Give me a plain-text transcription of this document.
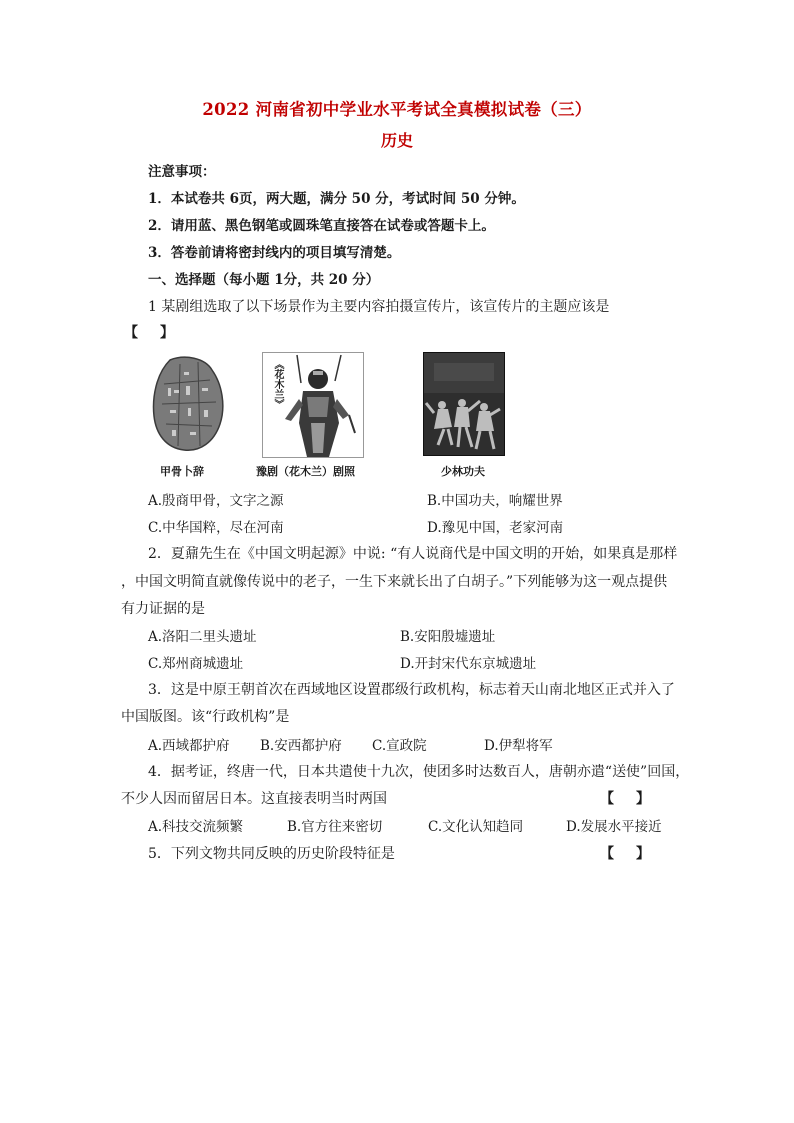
2022 河南省初中学业水平考试全真模拟试卷（三）
历史
注意事项：
1．本试卷共 6页，两大题，满分 50 分，考试时间 50 分钟。
2．请用蓝、黑色钢笔或圆珠笔直接答在试卷或答题卡上。
3．答卷前请将密封线内的项目填写清楚。
一、选择题（每小题 1分，共 20 分）
1 某剧组选取了以下场景作为主要内容拍摄宣传片，该宣传片的主题应该是
【】
甲骨卜辞
《花木兰》
豫剧（花木兰）剧照	少林功夫
A.殷商甲骨，文字之源	B.中国功夫，响耀世界
C.中华国粹，尽在河南	D.豫见中国，老家河南
2．夏鼐先生在《中国文明起源》中说: “有人说商代是中国文明的开始，如果真是那样
，中国文明简直就像传说中的老子，一生下来就长出了白胡子。”下列能够为这一观点提供
有力证据的是
A.洛阳二里头遗址	B.安阳殷墟遗址
C.郑州商城遗址	D.开封宋代东京城遗址
3．这是中原王朝首次在西域地区设置郡级行政机构，标志着天山南北地区正式并入了
中国版图。该“行政机构”是
A.西域都护府 B.安西都护府 C.宣政院	D.伊犁将军
4．据考证，终唐一代，日本共遣使十九次，使团多时达数百人，唐朝亦遣“送使”回国，
不少人因而留居日本。这直接表明当时两国	【】
A.科技交流频繁	B.官方往来密切	C.文化认知趋同	D.发展水平接近
5．下列文物共同反映的历史阶段特征是	【】
